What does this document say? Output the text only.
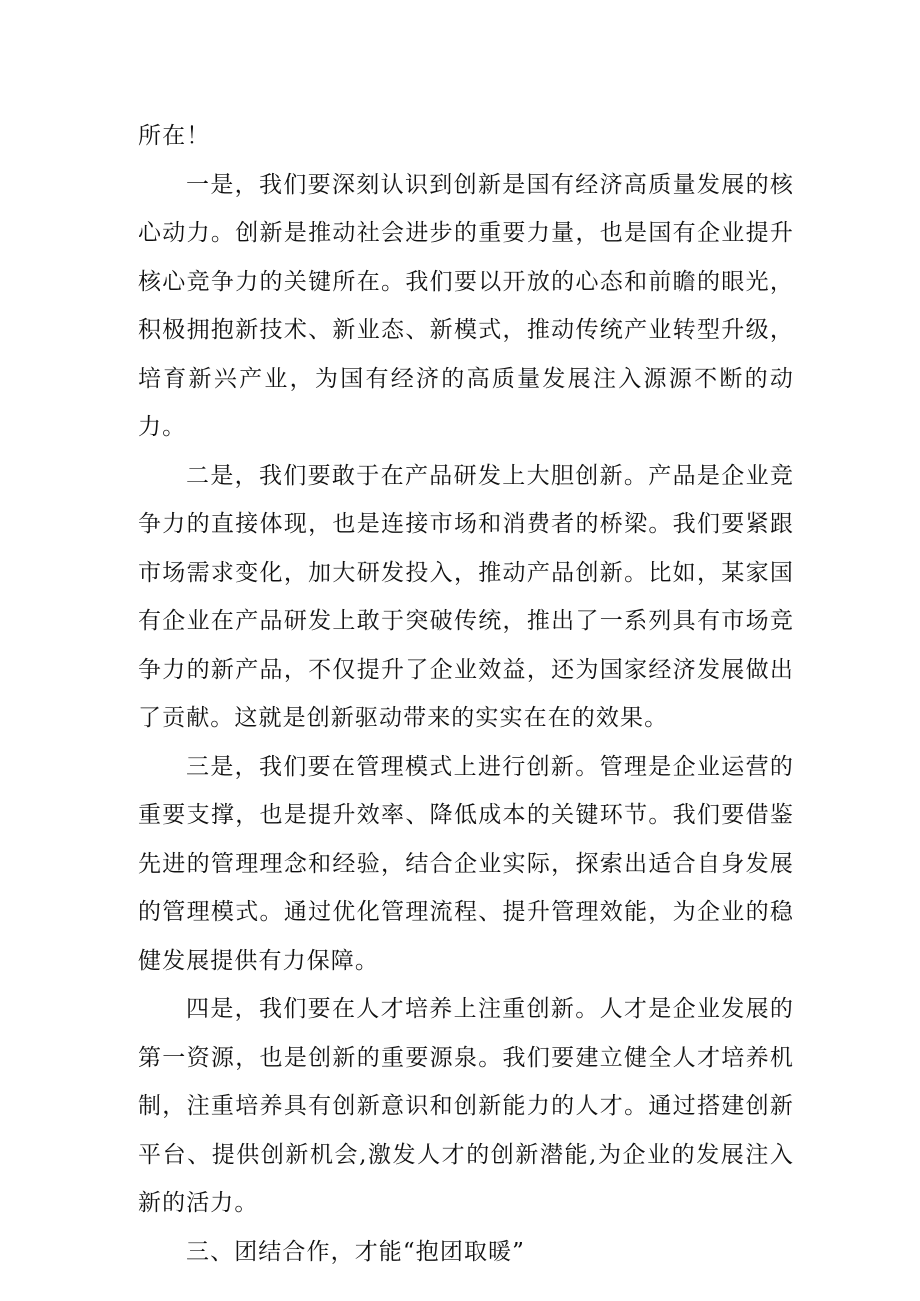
所在！

一是，我们要深刻认识到创新是国有经济高质量发展的核心动力。创新是推动社会进步的重要力量，也是国有企业提升核心竞争力的关键所在。我们要以开放的心态和前瞻的眼光，积极拥抱新技术、新业态、新模式，推动传统产业转型升级，培育新兴产业，为国有经济的高质量发展注入源源不断的动力。

二是，我们要敢于在产品研发上大胆创新。产品是企业竞争力的直接体现，也是连接市场和消费者的桥梁。我们要紧跟市场需求变化，加大研发投入，推动产品创新。比如，某家国有企业在产品研发上敢于突破传统，推出了一系列具有市场竞争力的新产品，不仅提升了企业效益，还为国家经济发展做出了贡献。这就是创新驱动带来的实实在在的效果。

三是，我们要在管理模式上进行创新。管理是企业运营的重要支撑，也是提升效率、降低成本的关键环节。我们要借鉴先进的管理理念和经验，结合企业实际，探索出适合自身发展的管理模式。通过优化管理流程、提升管理效能，为企业的稳健发展提供有力保障。

四是，我们要在人才培养上注重创新。人才是企业发展的第一资源，也是创新的重要源泉。我们要建立健全人才培养机制，注重培养具有创新意识和创新能力的人才。通过搭建创新平台、提供创新机会,激发人才的创新潜能,为企业的发展注入新的活力。

三、团结合作，才能“抱团取暖”
